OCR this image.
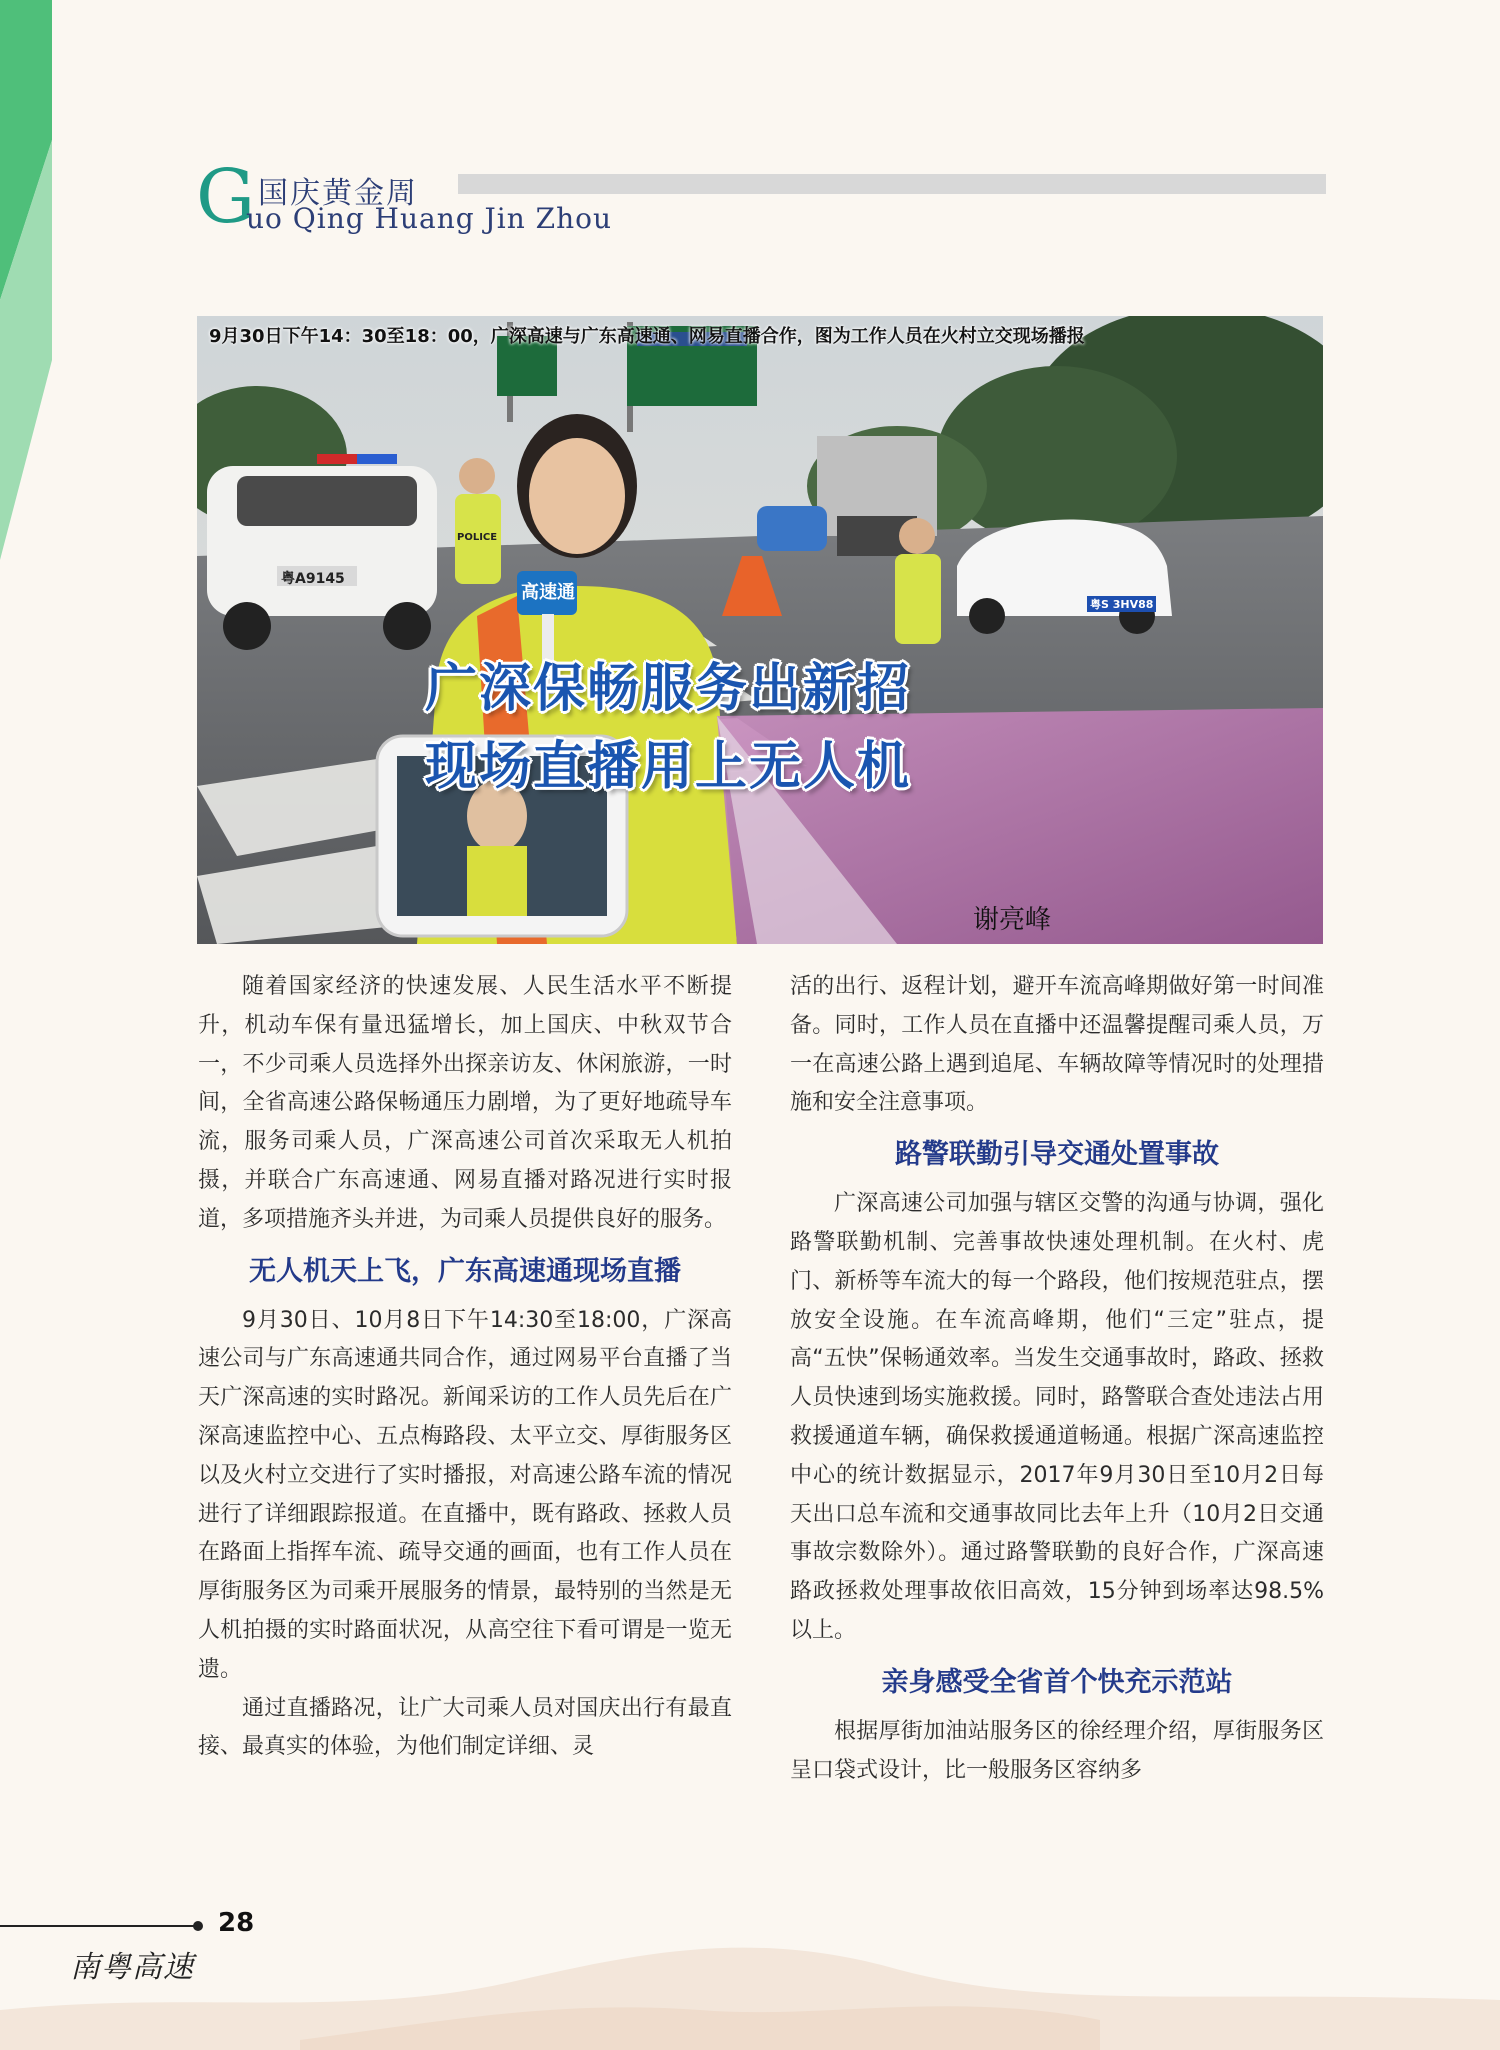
G 国庆黄金周
uo Qing Huang Jin Zhou
9月30日下午14：30至18：00，广深高速与广东高速通、网易直播合作，图为工作人员在火村立交现场播报
高速通
POLICE
粤A9145
粤S 3HV88
广深保畅服务出新招
现场直播用上无人机
谢亮峰

随着国家经济的快速发展、人民生活水平不断提升，机动车保有量迅猛增长，加上国庆、中秋双节合一，不少司乘人员选择外出探亲访友、休闲旅游，一时间，全省高速公路保畅通压力剧增，为了更好地疏导车流，服务司乘人员，广深高速公司首次采取无人机拍摄，并联合广东高速通、网易直播对路况进行实时报道，多项措施齐头并进，为司乘人员提供良好的服务。

无人机天上飞，广东高速通现场直播

9月30日、10月8日下午14:30至18:00，广深高速公司与广东高速通共同合作，通过网易平台直播了当天广深高速的实时路况。新闻采访的工作人员先后在广深高速监控中心、五点梅路段、太平立交、厚街服务区以及火村立交进行了实时播报，对高速公路车流的情况进行了详细跟踪报道。在直播中，既有路政、拯救人员在路面上指挥车流、疏导交通的画面，也有工作人员在厚街服务区为司乘开展服务的情景，最特别的当然是无人机拍摄的实时路面状况，从高空往下看可谓是一览无遗。

通过直播路况，让广大司乘人员对国庆出行有最直接、最真实的体验，为他们制定详细、灵

活的出行、返程计划，避开车流高峰期做好第一时间准备。同时，工作人员在直播中还温馨提醒司乘人员，万一在高速公路上遇到追尾、车辆故障等情况时的处理措施和安全注意事项。

路警联勤引导交通处置事故

广深高速公司加强与辖区交警的沟通与协调，强化路警联勤机制、完善事故快速处理机制。在火村、虎门、新桥等车流大的每一个路段，他们按规范驻点，摆放安全设施。在车流高峰期，他们“三定”驻点，提高“五快”保畅通效率。当发生交通事故时，路政、拯救人员快速到场实施救援。同时，路警联合查处违法占用救援通道车辆，确保救援通道畅通。根据广深高速监控中心的统计数据显示，2017年9月30日至10月2日每天出口总车流和交通事故同比去年上升（10月2日交通事故宗数除外）。通过路警联勤的良好合作，广深高速路政拯救处理事故依旧高效，15分钟到场率达98.5%以上。

亲身感受全省首个快充示范站

根据厚街加油站服务区的徐经理介绍，厚街服务区呈口袋式设计，比一般服务区容纳多

28
南粤高速
